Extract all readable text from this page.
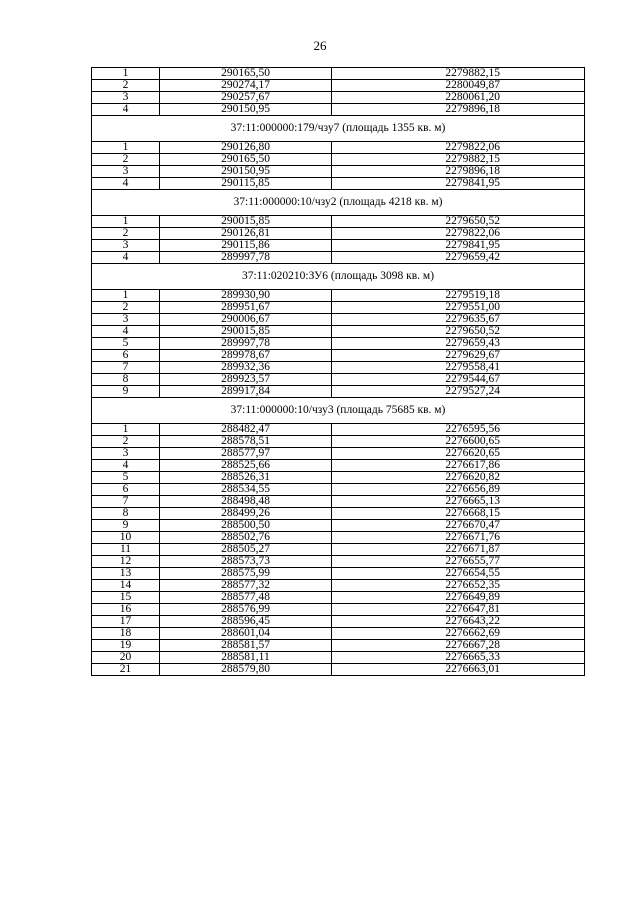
26
1	290165,50	2279882,15
2	290274,17	2280049,87
3	290257,67	2280061,20
4	290150,95	2279896,18
37:11:000000:179/чзу7 (площадь 1355 кв. м)		
1	290126,80	2279822,06
2	290165,50	2279882,15
3	290150,95	2279896,18
4	290115,85	2279841,95
37:11:000000:10/чзу2 (площадь 4218 кв. м)		
1	290015,85	2279650,52
2	290126,81	2279822,06
3	290115,86	2279841,95
4	289997,78	2279659,42
37:11:020210:ЗУ6 (площадь 3098 кв. м)		
1	289930,90	2279519,18
2	289951,67	2279551,00
3	290006,67	2279635,67
4	290015,85	2279650,52
5	289997,78	2279659,43
6	289978,67	2279629,67
7	289932,36	2279558,41
8	289923,57	2279544,67
9	289917,84	2279527,24
37:11:000000:10/чзу3 (площадь 75685 кв. м)		
1	288482,47	2276595,56
2	288578,51	2276600,65
3	288577,97	2276620,65
4	288525,66	2276617,86
5	288526,31	2276620,82
6	288534,55	2276656,89
7	288498,48	2276665,13
8	288499,26	2276668,15
9	288500,50	2276670,47
10	288502,76	2276671,76
11	288505,27	2276671,87
12	288573,73	2276655,77
13	288575,99	2276654,55
14	288577,32	2276652,35
15	288577,48	2276649,89
16	288576,99	2276647,81
17	288596,45	2276643,22
18	288601,04	2276662,69
19	288581,57	2276667,28
20	288581,11	2276665,33
21	288579,80	2276663,01
